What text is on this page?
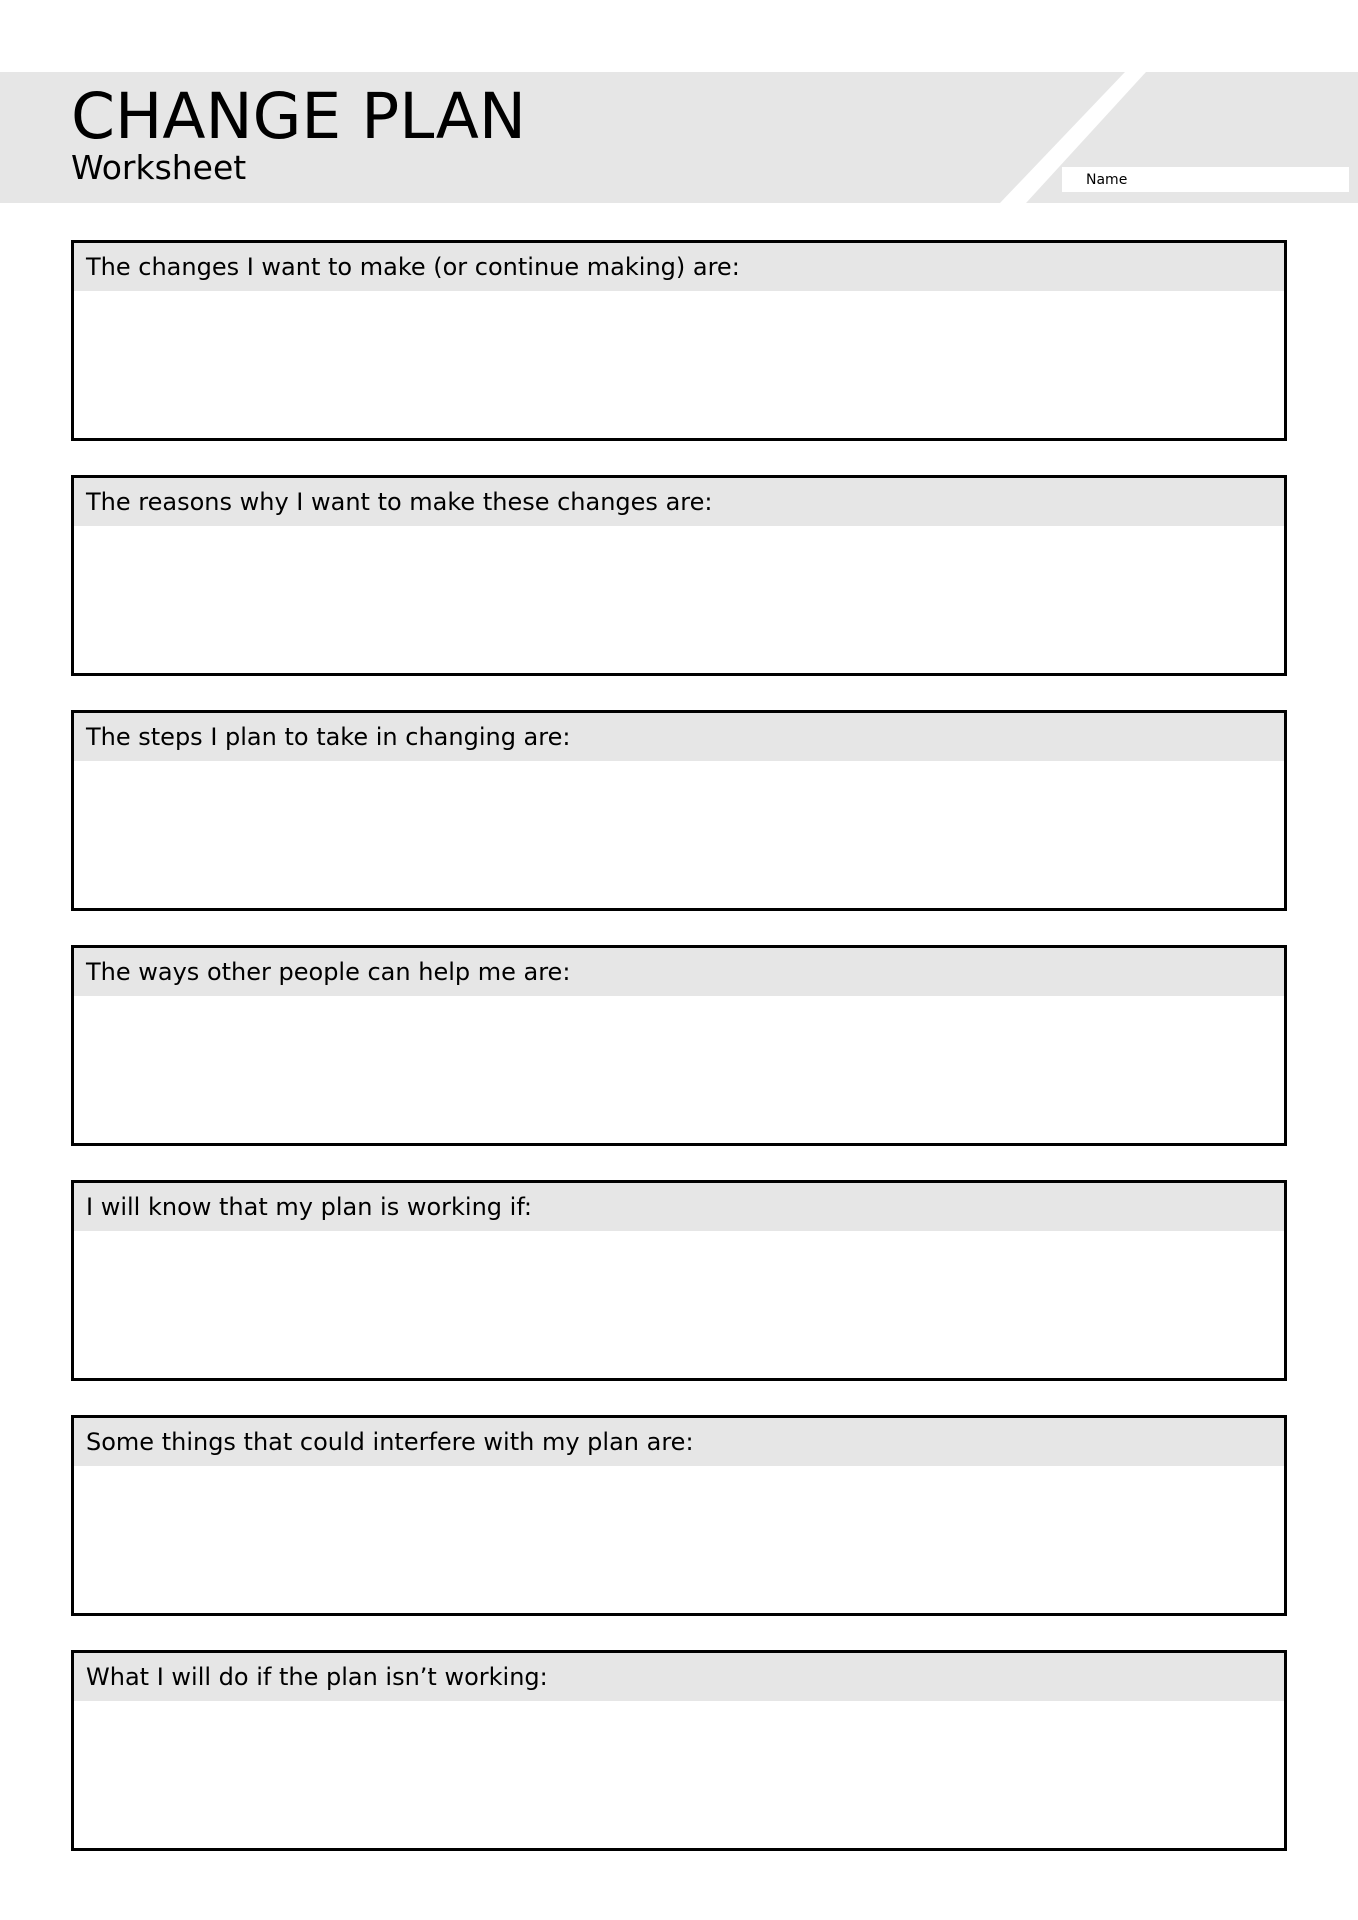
CHANGE PLAN
Worksheet	Name
The changes I want to make (or continue making) are:
The reasons why I want to make these changes are:
The steps I plan to take in changing are:
The ways other people can help me are:
I will know that my plan is working if:
Some things that could interfere with my plan are:
What I will do if the plan isn’t working:
